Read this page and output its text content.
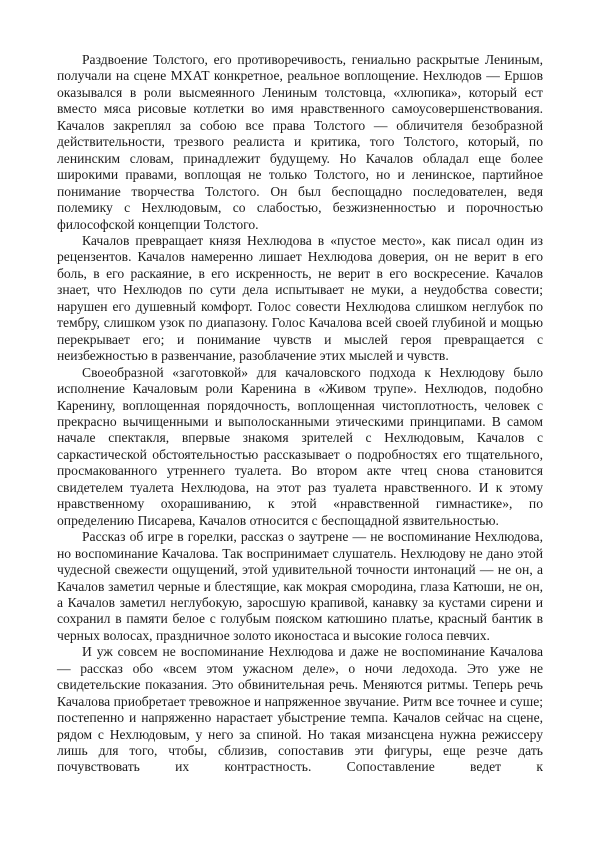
Раздвоение Толстого, его противоречивость, гениально раскрытые Лениным, получали на сцене МХАТ конкретное, реальное воплощение. Нехлюдов — Ершов оказывался в роли высмеянного Лениным толстовца, «хлюпика», который ест вместо мяса рисовые котлетки во имя нравственного самоусовершенствования. Качалов закреплял за собою все права Толстого — обличителя безобразной действительности, трезвого реалиста и критика, того Толстого, который, по ленинским словам, принадлежит будущему. Но Качалов обладал еще более широкими правами, воплощая не только Толстого, но и ленинское, партийное понимание творчества Толстого. Он был беспощадно последователен, ведя полемику с Нехлюдовым, со слабостью, безжизненностью и порочностью философской концепции Толстого.

Качалов превращает князя Нехлюдова в «пустое место», как писал один из рецензентов. Качалов намеренно лишает Нехлюдова доверия, он не верит в его боль, в его раскаяние, в его искренность, не верит в его воскресение. Качалов знает, что Нехлюдов по сути дела испытывает не муки, а неудобства совести; нарушен его душевный комфорт. Голос совести Нехлюдова слишком неглубок по тембру, слишком узок по диапазону. Голос Качалова всей своей глубиной и мощью перекрывает его; и понимание чувств и мыслей героя превращается с неизбежностью в развенчание, разоблачение этих мыслей и чувств.

Своеобразной «заготовкой» для качаловского подхода к Нехлюдову было исполнение Качаловым роли Каренина в «Живом трупе». Нехлюдов, подобно Каренину, воплощенная порядочность, воплощенная чистоплотность, человек с прекрасно вычищенными и выполосканными этическими принципами. В самом начале спектакля, впервые знакомя зрителей с Нехлюдовым, Качалов с саркастической обстоятельностью рассказывает о подробностях его тщательного, просмакованного утреннего туалета. Во втором акте чтец снова становится свидетелем туалета Нехлюдова, на этот раз туалета нравственного. И к этому нравственному охорашиванию, к этой «нравственной гимнастике», по определению Писарева, Качалов относится с беспощадной язвительностью.

Рассказ об игре в горелки, рассказ о заутрене — не воспоминание Нехлюдова, но воспоминание Качалова. Так воспринимает слушатель. Нехлюдову не дано этой чудесной свежести ощущений, этой удивительной точности интонаций — не он, а Качалов заметил черные и блестящие, как мокрая смородина, глаза Катюши, не он, а Качалов заметил неглубокую, заросшую крапивой, канавку за кустами сирени и сохранил в памяти белое с голубым пояском катюшино платье, красный бантик в черных волосах, праздничное золото иконостаса и высокие голоса певчих.

И уж совсем не воспоминание Нехлюдова и даже не воспоминание Качалова — рассказ обо «всем этом ужасном деле», о ночи ледохода. Это уже не свидетельские показания. Это обвинительная речь. Меняются ритмы. Теперь речь Качалова приобретает тревожное и напряженное звучание. Ритм все точнее и суше; постепенно и напряженно нарастает убыстрение темпа. Качалов сейчас на сцене, рядом с Нехлюдовым, у него за спиной. Но такая мизансцена нужна режиссеру лишь для того, чтобы, сблизив, сопоставив эти фигуры, еще резче дать почувствовать их контрастность. Сопоставление ведет к
